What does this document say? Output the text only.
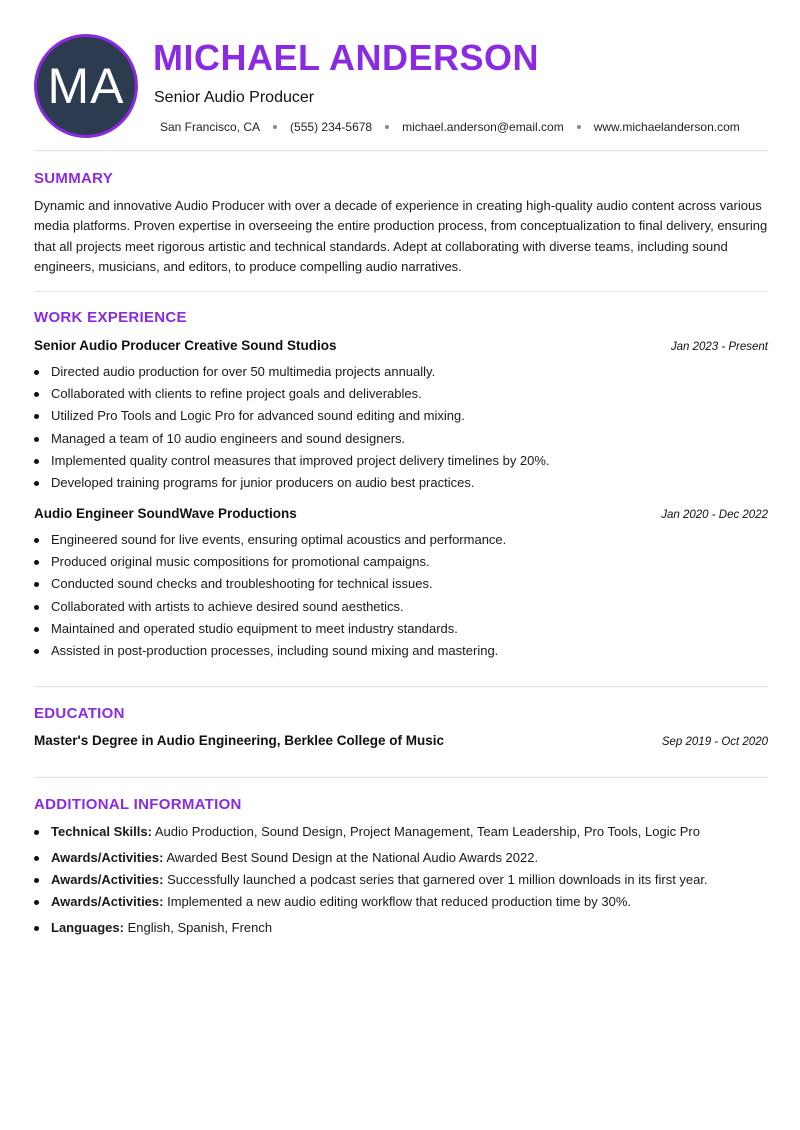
MA
MICHAEL ANDERSON
Senior Audio Producer
San Francisco, CA	(555) 234-5678	michael.anderson@email.com	www.michaelanderson.com
SUMMARY
Dynamic and innovative Audio Producer with over a decade of experience in creating high-quality audio content across various media platforms. Proven expertise in overseeing the entire production process, from conceptualization to final delivery, ensuring that all projects meet rigorous artistic and technical standards. Adept at collaborating with diverse teams, including sound engineers, musicians, and editors, to produce compelling audio narratives.
WORK EXPERIENCE
Senior Audio Producer Creative Sound Studios	Jan 2023 - Present
Directed audio production for over 50 multimedia projects annually.
Collaborated with clients to refine project goals and deliverables.
Utilized Pro Tools and Logic Pro for advanced sound editing and mixing.
Managed a team of 10 audio engineers and sound designers.
Implemented quality control measures that improved project delivery timelines by 20%.
Developed training programs for junior producers on audio best practices.
Audio Engineer SoundWave Productions	Jan 2020 - Dec 2022
Engineered sound for live events, ensuring optimal acoustics and performance.
Produced original music compositions for promotional campaigns.
Conducted sound checks and troubleshooting for technical issues.
Collaborated with artists to achieve desired sound aesthetics.
Maintained and operated studio equipment to meet industry standards.
Assisted in post-production processes, including sound mixing and mastering.
EDUCATION
Master's Degree in Audio Engineering, Berklee College of Music	Sep 2019 - Oct 2020
ADDITIONAL INFORMATION
Technical Skills: Audio Production, Sound Design, Project Management, Team Leadership, Pro Tools, Logic Pro
Awards/Activities: Awarded Best Sound Design at the National Audio Awards 2022.
Awards/Activities: Successfully launched a podcast series that garnered over 1 million downloads in its first year.
Awards/Activities: Implemented a new audio editing workflow that reduced production time by 30%.
Languages: English, Spanish, French
